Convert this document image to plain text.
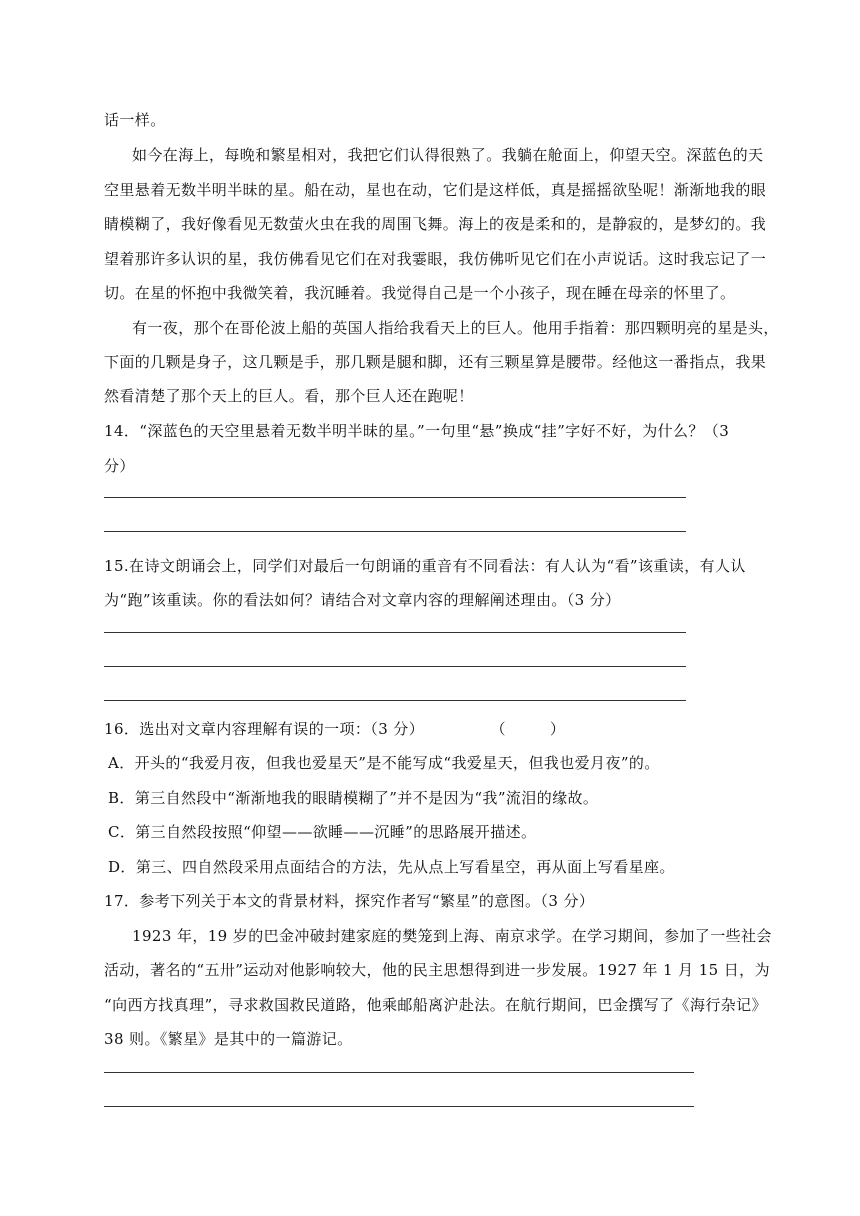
话一样。
如今在海上，每晚和繁星相对，我把它们认得很熟了。我躺在舱面上，仰望天空。深蓝色的天
空里悬着无数半明半昧的星。船在动，星也在动，它们是这样低，真是摇摇欲坠呢！渐渐地我的眼
睛模糊了，我好像看见无数萤火虫在我的周围飞舞。海上的夜是柔和的，是静寂的，是梦幻的。我
望着那许多认识的星，我仿佛看见它们在对我霎眼，我仿佛听见它们在小声说话。这时我忘记了一
切。在星的怀抱中我微笑着，我沉睡着。我觉得自己是一个小孩子，现在睡在母亲的怀里了。
有一夜，那个在哥伦波上船的英国人指给我看天上的巨人。他用手指着：那四颗明亮的星是头，
下面的几颗是身子，这几颗是手，那几颗是腿和脚，还有三颗星算是腰带。经他这一番指点，我果
然看清楚了那个天上的巨人。看，那个巨人还在跑呢！
14．“深蓝色的天空里悬着无数半明半昧的星。”一句里“悬”换成“挂”字好不好，为什么？（3
分）
15.在诗文朗诵会上，同学们对最后一句朗诵的重音有不同看法：有人认为“看”该重读，有人认
为“跑”该重读。你的看法如何？请结合对文章内容的理解阐述理由。（3 分）
16．选出对文章内容理解有误的一项：（3 分）	（	）
A．开头的“我爱月夜，但我也爱星天”是不能写成“我爱星天，但我也爱月夜”的。
B．第三自然段中“渐渐地我的眼睛模糊了”并不是因为“我”流泪的缘故。
C．第三自然段按照“仰望——欲睡——沉睡”的思路展开描述。
D．第三、四自然段采用点面结合的方法，先从点上写看星空，再从面上写看星座。
17．参考下列关于本文的背景材料，探究作者写“繁星”的意图。（3 分）
1923 年，19 岁的巴金冲破封建家庭的樊笼到上海、南京求学。在学习期间，参加了一些社会
活动，著名的“五卅”运动对他影响较大，他的民主思想得到进一步发展。1927 年 1 月 15 日，为
“向西方找真理”，寻求救国救民道路，他乘邮船离沪赴法。在航行期间，巴金撰写了《海行杂记》
38 则。《繁星》是其中的一篇游记。
